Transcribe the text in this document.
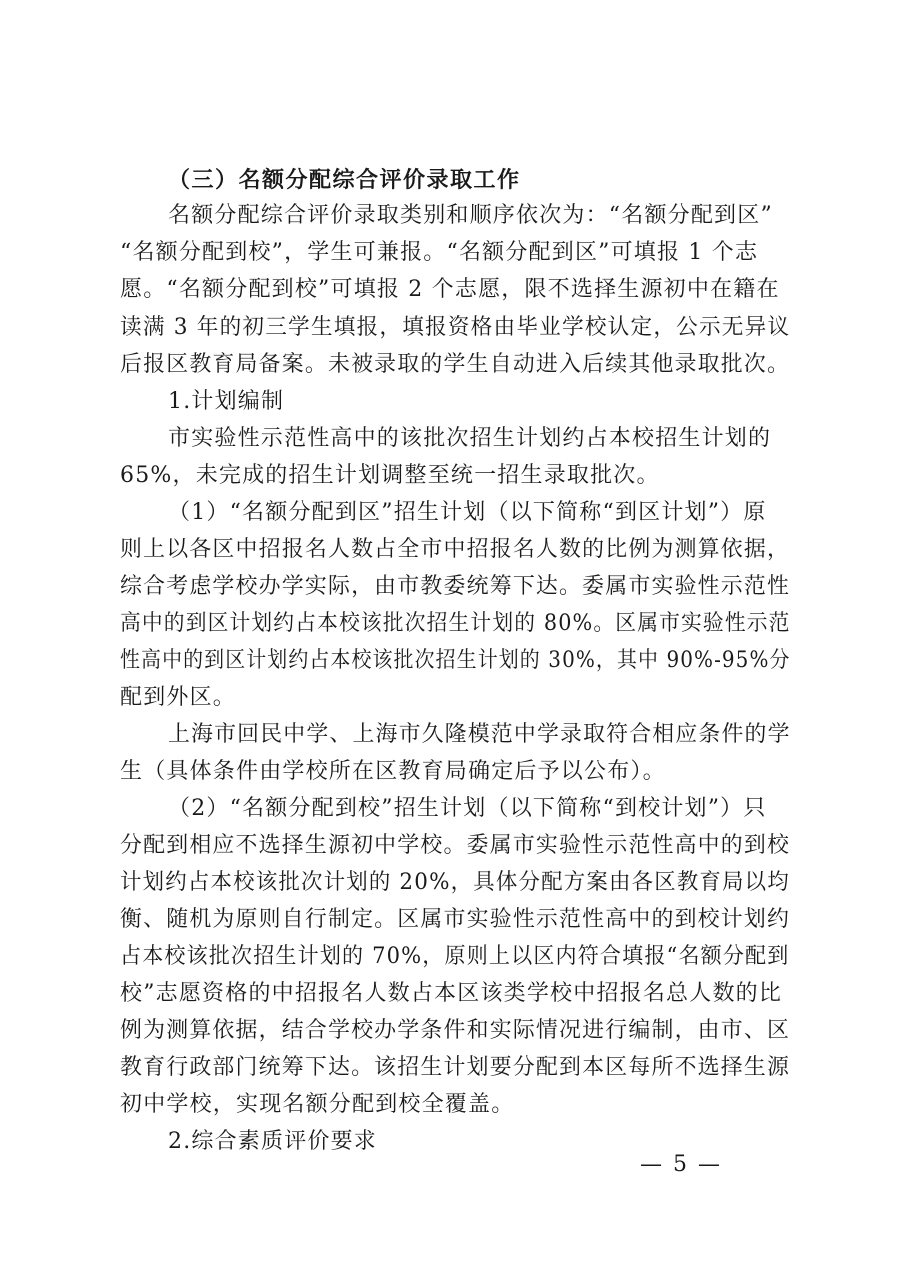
（三）名额分配综合评价录取工作
名额分配综合评价录取类别和顺序依次为：“名额分配到区”
“名额分配到校”，学生可兼报。“名额分配到区”可填报 1 个志
愿。“名额分配到校”可填报 2 个志愿，限不选择生源初中在籍在
读满 3 年的初三学生填报，填报资格由毕业学校认定，公示无异议
后报区教育局备案。未被录取的学生自动进入后续其他录取批次。
1.计划编制
市实验性示范性高中的该批次招生计划约占本校招生计划的
65%，未完成的招生计划调整至统一招生录取批次。
（1）“名额分配到区”招生计划（以下简称“到区计划”）原
则上以各区中招报名人数占全市中招报名人数的比例为测算依据，
综合考虑学校办学实际，由市教委统筹下达。委属市实验性示范性
高中的到区计划约占本校该批次招生计划的 80%。区属市实验性示范
性高中的到区计划约占本校该批次招生计划的 30%，其中 90%-95%分
配到外区。
上海市回民中学、上海市久隆模范中学录取符合相应条件的学
生（具体条件由学校所在区教育局确定后予以公布）。
（2）“名额分配到校”招生计划（以下简称“到校计划”）只
分配到相应不选择生源初中学校。委属市实验性示范性高中的到校
计划约占本校该批次计划的 20%，具体分配方案由各区教育局以均
衡、随机为原则自行制定。区属市实验性示范性高中的到校计划约
占本校该批次招生计划的 70%，原则上以区内符合填报“名额分配到
校”志愿资格的中招报名人数占本区该类学校中招报名总人数的比
例为测算依据，结合学校办学条件和实际情况进行编制，由市、区
教育行政部门统筹下达。该招生计划要分配到本区每所不选择生源
初中学校，实现名额分配到校全覆盖。
2.综合素质评价要求
— 5 —
